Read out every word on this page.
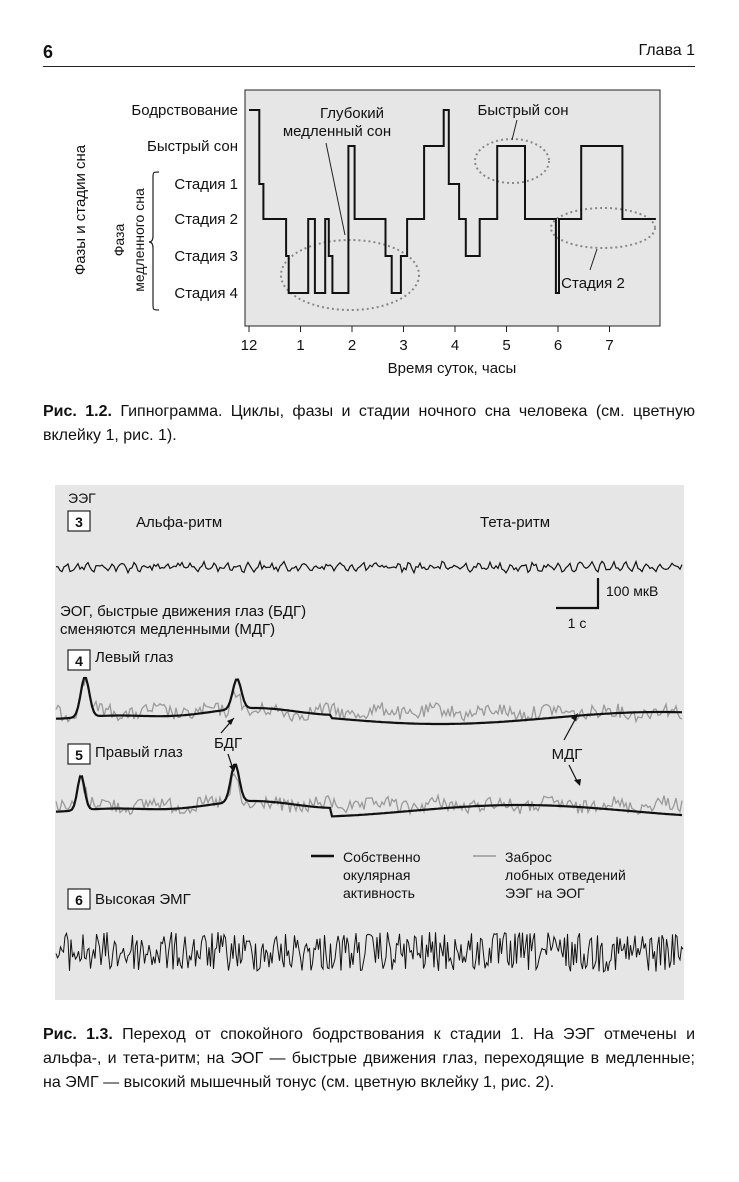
6	Глава 1
Бодрствование
Быстрый сон
Стадия 1
Стадия 2
Стадия 3
Стадия 4
12	1	2	3	4	5	6	7
Фазы и стадии сна Фаза медленного сна
Глубокий
медленный сон
Быстрый сон
Стадия 2
Время суток, часы
Рис. 1.2. Гипнограмма. Циклы, фазы и стадии ночного сна человека (см. цветную вклейку 1, рис. 1).
ЭЭГ
3	Альфа-ритм	Тета-ритм
100 мкВ
1 с
ЭОГ, быстрые движения глаз (БДГ)
сменяются медленными (МДГ)
4 Левый глаз
5 Правый глаз
БДГ
МДГ
Собственно
окулярная
активность
Заброс
лобных отведений
ЭЭГ на ЭОГ
6 Высокая ЭМГ
Рис. 1.3. Переход от спокойного бодрствования к стадии 1. На ЭЭГ отмечены и альфа-, и тета-ритм; на ЭОГ — быстрые движения глаз, переходящие в медленные; на ЭМГ — высокий мышечный тонус (см. цветную вклейку 1, рис. 2).
